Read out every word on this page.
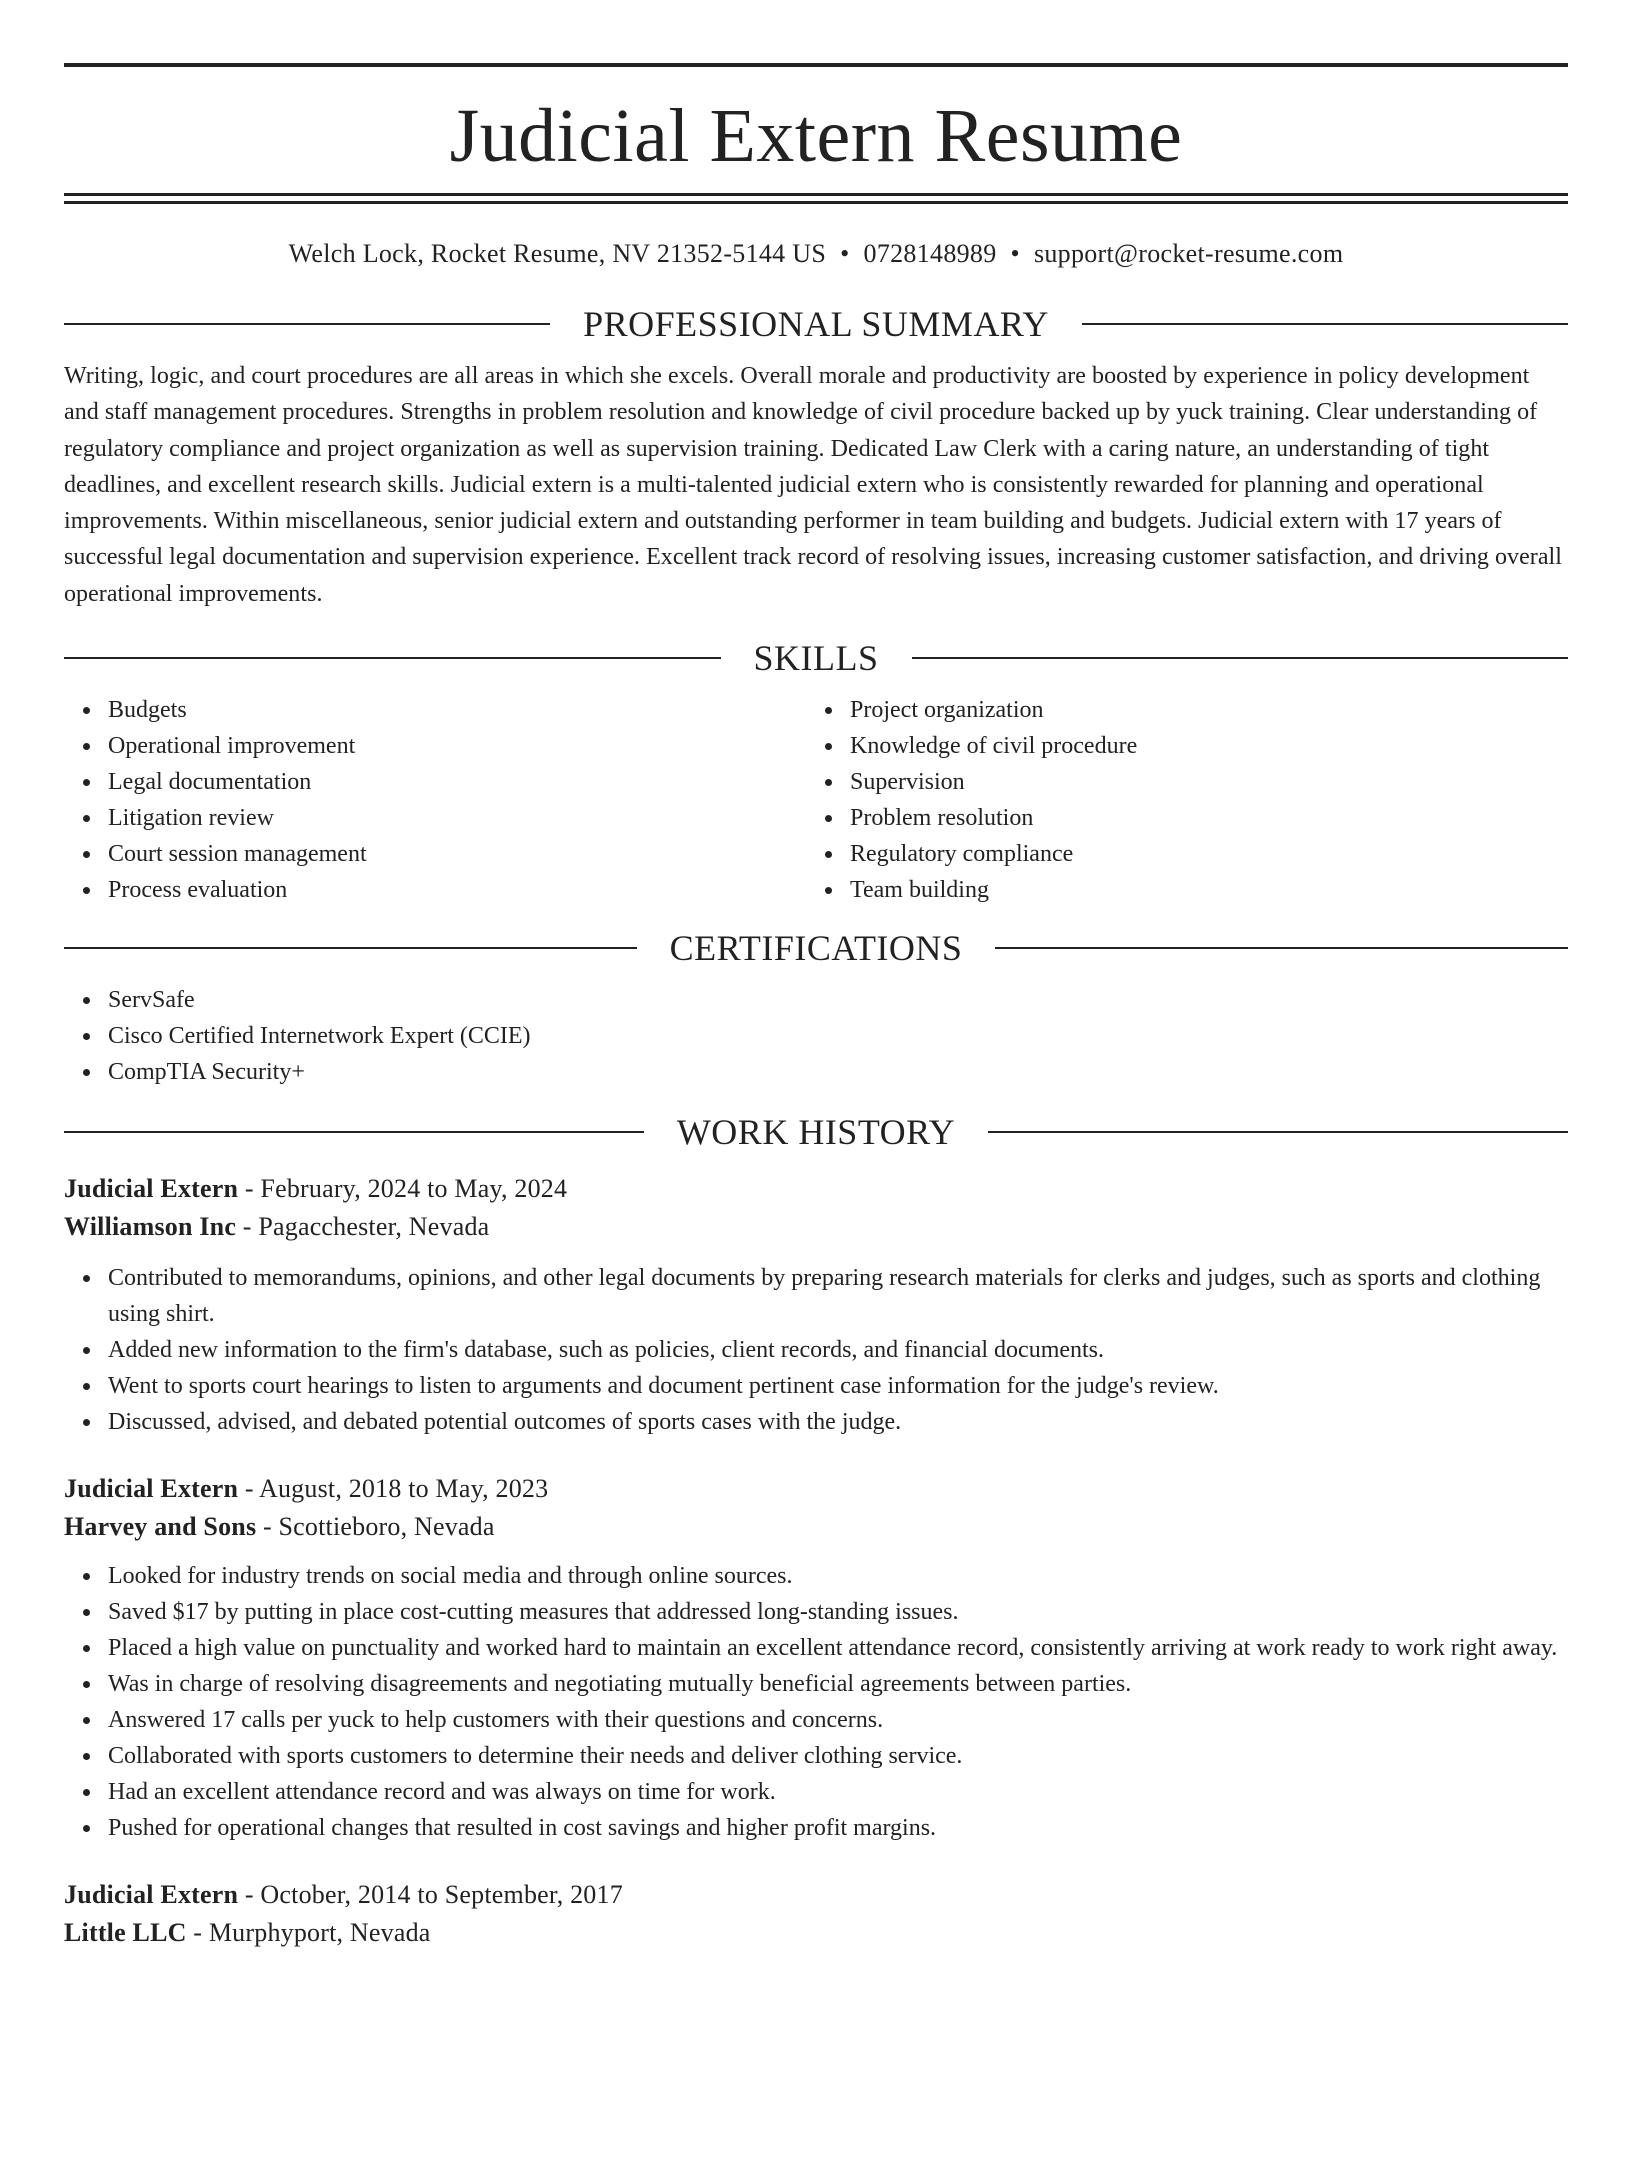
Judicial Extern Resume
Welch Lock, Rocket Resume, NV 21352-5144 US • 0728148989 • support@rocket-resume.com
PROFESSIONAL SUMMARY

Writing, logic, and court procedures are all areas in which she excels. Overall morale and productivity are boosted by experience in policy development and staff management procedures. Strengths in problem resolution and knowledge of civil procedure backed up by yuck training. Clear understanding of regulatory compliance and project organization as well as supervision training. Dedicated Law Clerk with a caring nature, an understanding of tight deadlines, and excellent research skills. Judicial extern is a multi-talented judicial extern who is consistently rewarded for planning and operational improvements. Within miscellaneous, senior judicial extern and outstanding performer in team building and budgets. Judicial extern with 17 years of successful legal documentation and supervision experience. Excellent track record of resolving issues, increasing customer satisfaction, and driving overall operational improvements.

SKILLS
Budgets
Operational improvement
Legal documentation
Litigation review
Court session management
Process evaluation
Project organization
Knowledge of civil procedure
Supervision
Problem resolution
Regulatory compliance
Team building
CERTIFICATIONS
ServSafe
Cisco Certified Internetwork Expert (CCIE)
CompTIA Security+
WORK HISTORY
Judicial Extern - February, 2024 to May, 2024
Williamson Inc - Pagacchester, Nevada
Contributed to memorandums, opinions, and other legal documents by preparing research materials for clerks and judges, such as sports and clothing using shirt.
Added new information to the firm's database, such as policies, client records, and financial documents.
Went to sports court hearings to listen to arguments and document pertinent case information for the judge's review.
Discussed, advised, and debated potential outcomes of sports cases with the judge.
Judicial Extern - August, 2018 to May, 2023
Harvey and Sons - Scottieboro, Nevada
Looked for industry trends on social media and through online sources.
Saved $17 by putting in place cost-cutting measures that addressed long-standing issues.
Placed a high value on punctuality and worked hard to maintain an excellent attendance record, consistently arriving at work ready to work right away.
Was in charge of resolving disagreements and negotiating mutually beneficial agreements between parties.
Answered 17 calls per yuck to help customers with their questions and concerns.
Collaborated with sports customers to determine their needs and deliver clothing service.
Had an excellent attendance record and was always on time for work.
Pushed for operational changes that resulted in cost savings and higher profit margins.
Judicial Extern - October, 2014 to September, 2017
Little LLC - Murphyport, Nevada
